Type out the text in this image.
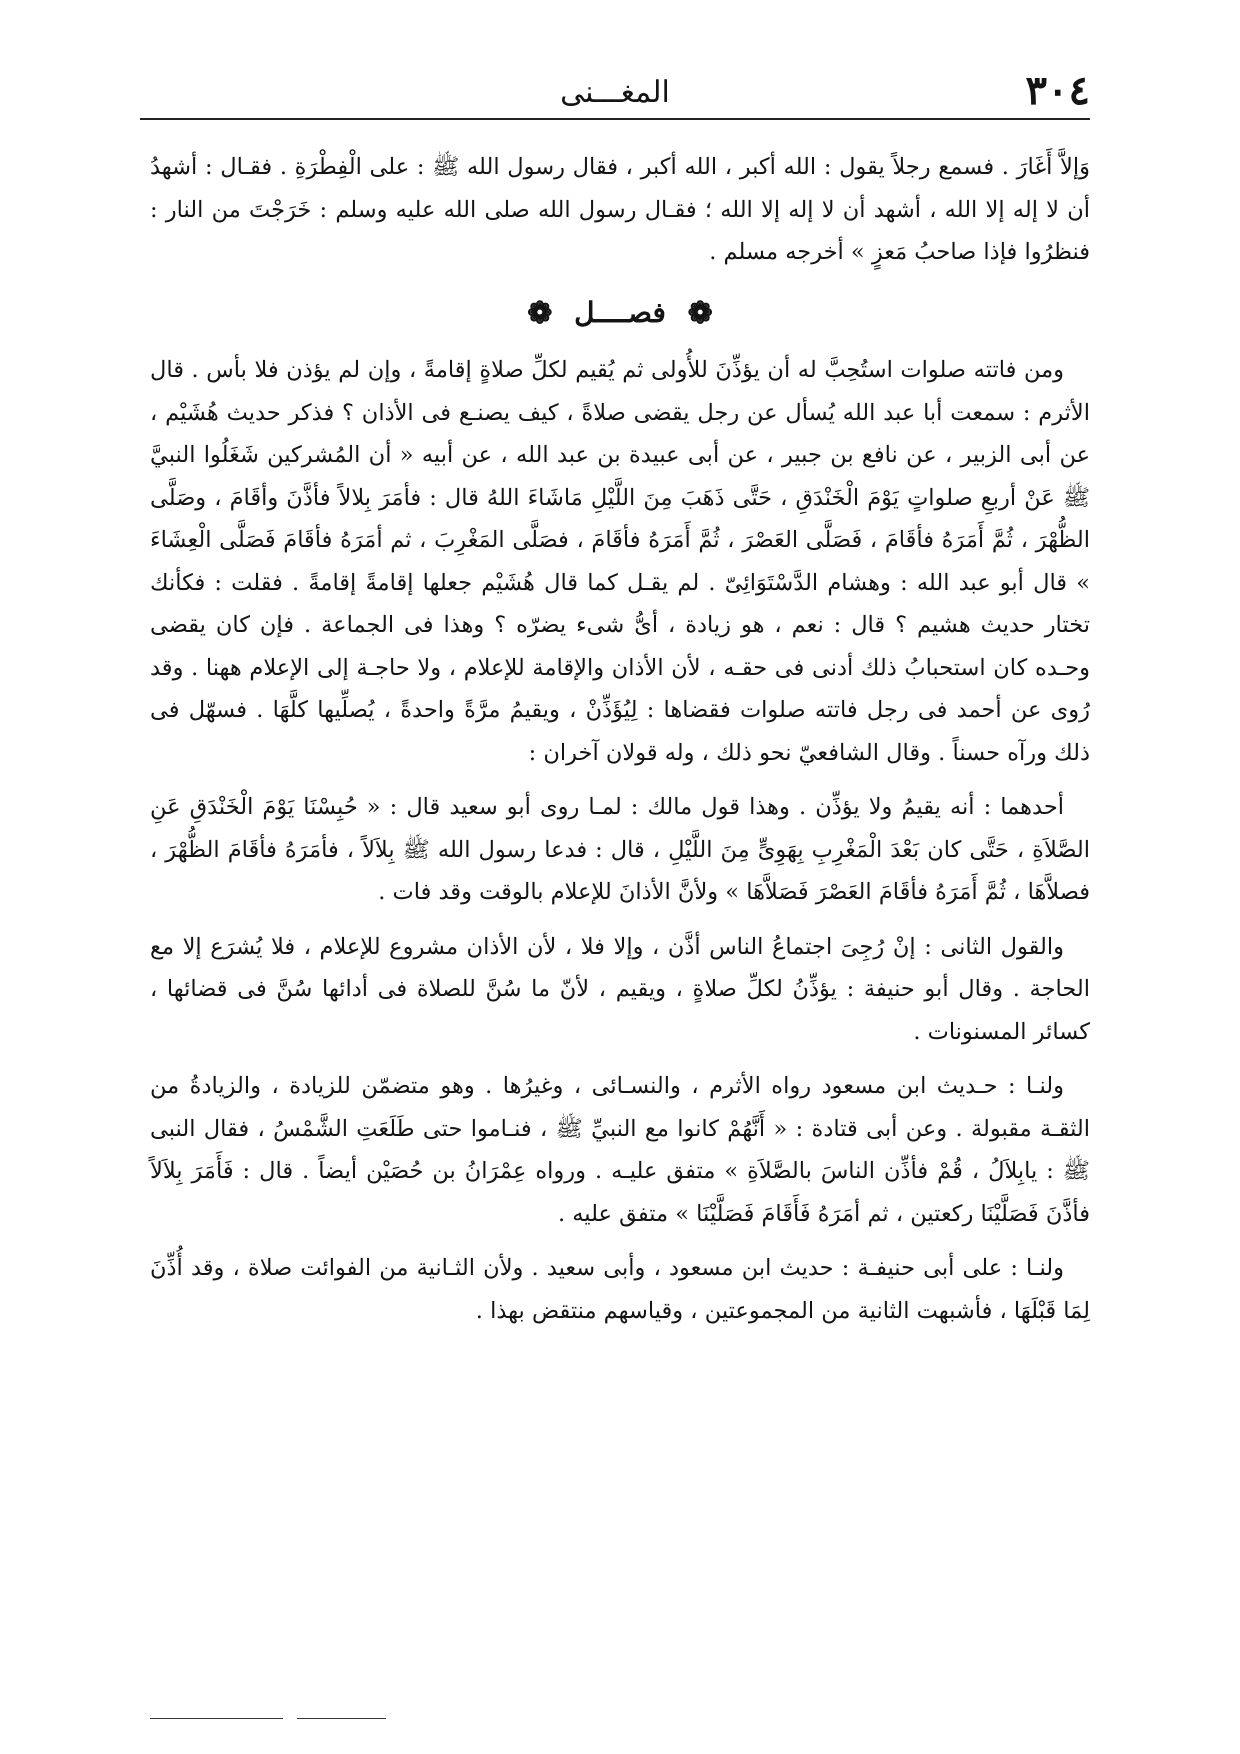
٣٠٤
المغـــنى

وَإلاَّ أَغَارَ . فسمع رجلاً يقول : الله أكبر ، الله أكبر ، فقال رسول الله ﷺ : على الْفِطْرَةِ . فقـال : أشهدُ أن لا إله إلا الله ، أشهد أن لا إله إلا الله ؛ فقـال رسول الله صلى الله عليه وسلم : خَرَجْتَ من النار : فنظرُوا فإذا صاحبُ مَعزٍ » أخرجه مسلم .

❁ فصــــل ❁

ومن فاتته صلوات استُحِبَّ له أن يؤذِّنَ للأُولى ثم يُقيم لكلِّ صلاةٍ إقامةً ، وإن لم يؤذن فلا بأس . قال الأثرم : سمعت أبا عبد الله يُسأل عن رجل يقضى صلاةً ، كيف يصنـع فى الأذان ؟ فذكر حديث هُشَيْم ، عن أبى الزبير ، عن نافع بن جبير ، عن أبى عبيدة بن عبد الله ، عن أبيه « أن المُشركين شَغَلُوا النبيَّ ﷺ عَنْ أربعِ صلواتٍ يَوْمَ الْخَنْدَقِ ، حَتَّى ذَهَبَ مِنَ اللَّيْلِ مَاشَاءَ اللهُ قال : فأمَرَ بِلالاً فأذَّنَ وأقَامَ ، وصَلَّى الظُّهْرَ ، ثُمَّ أَمَرَهُ فأقَامَ ، فَصَلَّى العَصْرَ ، ثُمَّ أَمَرَهُ فأقَامَ ، فصَلَّى المَغْرِبَ ، ثم أمَرَهُ فأقَامَ فَصَلَّى الْعِشَاءَ » قال أبو عبد الله : وهشام الدَّسْتَوَائِىّ . لم يقـل كما قال هُشَيْم جعلها إقامةً إقامةً . فقلت : فكأنك تختار حديث هشيم ؟ قال : نعم ، هو زيادة ، أىُّ شىء يضرّه ؟ وهذا فى الجماعة . فإن كان يقضى وحـده كان استحبابُ ذلك أدنى فى حقـه ، لأن الأذان والإقامة للإعلام ، ولا حاجـة إلى الإعلام ههنا . وقد رُوى عن أحمد فى رجل فاتته صلوات فقضاها : لِيُؤَذِّنْ ، ويقيمُ مرَّةً واحدةً ، يُصلِّيها كلَّهَا . فسهّل فى ذلك ورآه حسناً . وقال الشافعيّ نحو ذلك ، وله قولان آخران :

أحدهما : أنه يقيمُ ولا يؤذِّن . وهذا قول مالك : لمـا روى أبو سعيد قال : « حُبِسْنَا يَوْمَ الْخَنْدَقِ عَنِ الصَّلاَةِ ، حَتَّى كان بَعْدَ الْمَغْرِبِ بِهَوِىٍّ مِنَ اللَّيْلِ ، قال : فدعا رسول الله ﷺ بِلاَلاً ، فأمَرَهُ فأقَامَ الظُّهْرَ ، فصلاَّهَا ، ثُمَّ أَمَرَهُ فأقَامَ العَصْرَ فَصَلاَّهَا » ولأنَّ الأذانَ للإعلام بالوقت وقد فات .

والقول الثانى : إنْ رُجِىَ اجتماعُ الناس أذَّن ، وإلا فلا ، لأن الأذان مشروع للإعلام ، فلا يُشرَع إلا مع الحاجة . وقال أبو حنيفة : يؤذِّنُ لكلِّ صلاةٍ ، ويقيم ، لأنّ ما سُنَّ للصلاة فى أدائها سُنَّ فى قضائها ، كسائر المسنونات .

ولنـا : حـديث ابن مسعود رواه الأثرم ، والنسـائى ، وغيرُها . وهو متضمّن للزيادة ، والزيادةُ من الثقـة مقبولة . وعن أبى قتادة : « أَنَّهُمْ كانوا مع النبيِّ ﷺ ، فنـاموا حتى طَلَعَتِ الشَّمْسُ ، فقال النبى ﷺ : يابِلاَلُ ، قُمْ فأذِّن الناسَ بالصَّلاَةِ » متفق عليـه . ورواه عِمْرَانُ بن حُصَيْن أيضاً . قال : فَأَمَرَ بِلاَلاً فأذَّنَ فَصَلَّيْنَا ركعتين ، ثم أمَرَهُ فَأَقَامَ فَصَلَّيْنَا » متفق عليه .

ولنـا : على أبى حنيفـة : حديث ابن مسعود ، وأبى سعيد . ولأن الثـانية من الفوائت صلاة ، وقد أُذِّنَ لِمَا قَبْلَهَا ، فأشبهت الثانية من المجموعتين ، وقياسهم منتقض بهذا .
